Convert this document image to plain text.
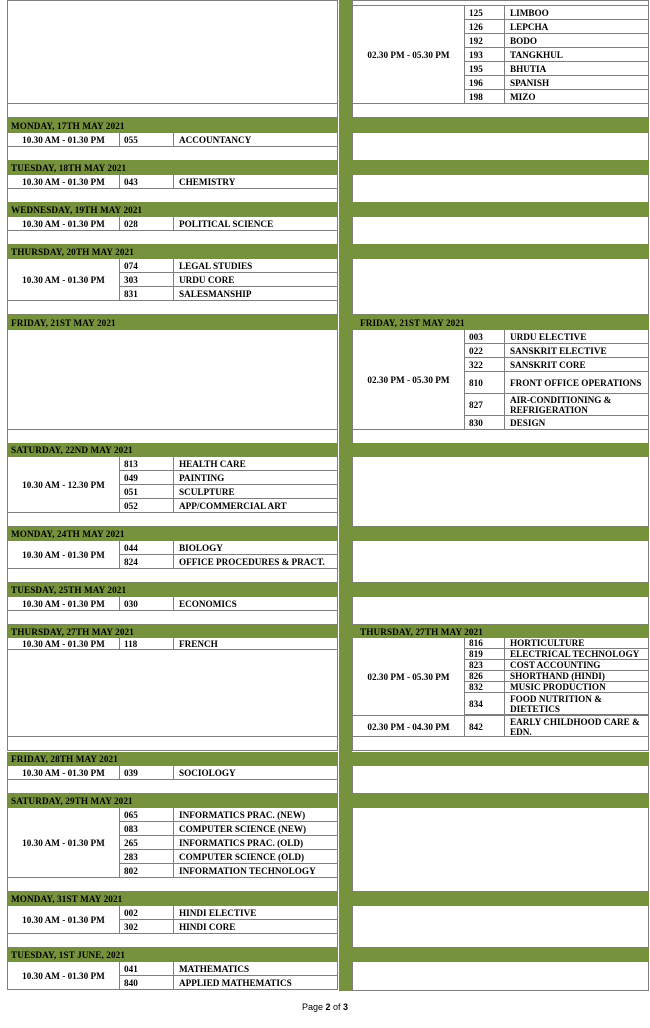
MONDAY, 17TH MAY 2021
10.30 AM - 01.30 PM	055	ACCOUNTANCY
TUESDAY, 18TH MAY 2021
10.30 AM - 01.30 PM	043	CHEMISTRY
WEDNESDAY, 19TH MAY 2021
10.30 AM - 01.30 PM	028	POLITICAL SCIENCE
THURSDAY, 20TH MAY 2021
10.30 AM - 01.30 PM
074	LEGAL STUDIES
303	URDU CORE
831	SALESMANSHIP
FRIDAY, 21ST MAY 2021
SATURDAY, 22ND MAY 2021
10.30 AM - 12.30 PM
813	HEALTH CARE
049	PAINTING
051	SCULPTURE
052	APP/COMMERCIAL ART
MONDAY, 24TH MAY 2021
10.30 AM - 01.30 PM
044	BIOLOGY
824	OFFICE PROCEDURES & PRACT.
TUESDAY, 25TH MAY 2021
10.30 AM - 01.30 PM	030	ECONOMICS
THURSDAY, 27TH MAY 2021
10.30 AM - 01.30 PM	118	FRENCH
FRIDAY, 28TH MAY 2021
10.30 AM - 01.30 PM	039	SOCIOLOGY
SATURDAY, 29TH MAY 2021
10.30 AM - 01.30 PM
065	INFORMATICS PRAC. (NEW)
083	COMPUTER SCIENCE (NEW)
265	INFORMATICS PRAC. (OLD)
283	COMPUTER SCIENCE (OLD)
802	INFORMATION TECHNOLOGY
MONDAY, 31ST MAY 2021
10.30 AM - 01.30 PM
002	HINDI ELECTIVE
302	HINDI CORE
TUESDAY, 1ST JUNE, 2021
10.30 AM - 01.30 PM
041	MATHEMATICS
840	APPLIED MATHEMATICS
02.30 PM - 05.30 PM
125	LIMBOO
126	LEPCHA
192	BODO
193	TANGKHUL
195	BHUTIA
196	SPANISH
198	MIZO
FRIDAY, 21ST MAY 2021
02.30 PM - 05.30 PM
003	URDU ELECTIVE
022	SANSKRIT ELECTIVE
322	SANSKRIT CORE
810	FRONT OFFICE OPERATIONS
827	AIR-CONDITIONING & REFRIGERATION
830	DESIGN
THURSDAY, 27TH MAY 2021
02.30 PM - 05.30 PM
816	HORTICULTURE
819	ELECTRICAL TECHNOLOGY
823	COST ACCOUNTING
826	SHORTHAND (HINDI)
832	MUSIC PRODUCTION
834	FOOD NUTRITION & DIETETICS
02.30 PM - 04.30 PM	842	EARLY CHILDHOOD CARE & EDN.
Page 2 of 3
